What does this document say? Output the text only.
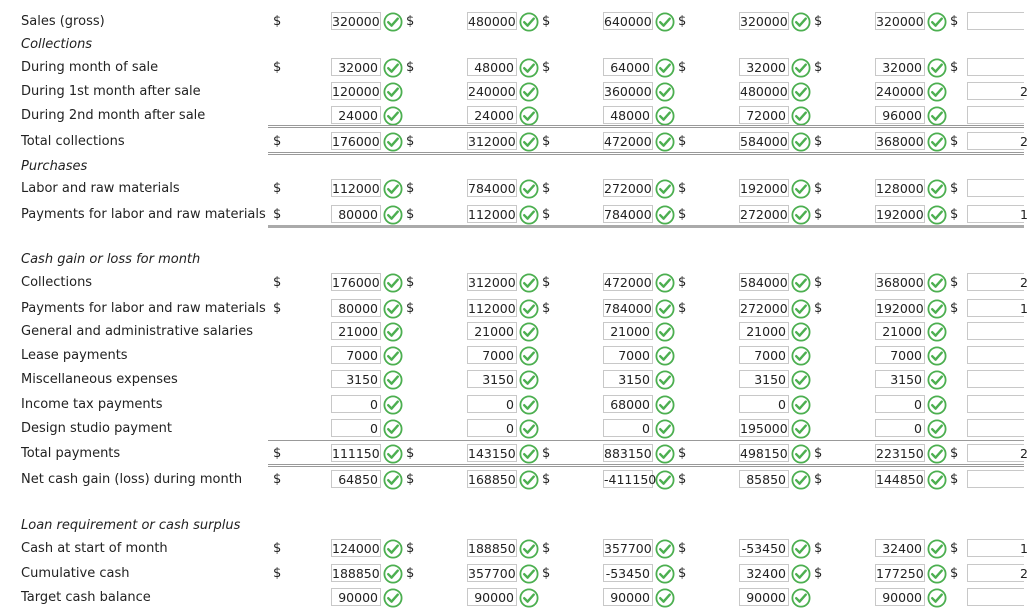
Sales (gross)	$	320000 $	480000 $	640000 $	320000 $	320000 $
Collections
During month of sale	$	32000 $	48000 $	64000 $	32000 $	32000 $
During 1st month after sale	120000	240000	360000	480000	240000	2
During 2nd month after sale	24000	24000	48000	72000	96000
Total collections	$	176000 $	312000 $	472000 $	584000 $	368000 $	2
Purchases
Labor and raw materials	$	112000 $	784000 $	272000 $	192000 $	128000 $
Payments for labor and raw materials $	80000 $	112000 $	784000 $	272000 $	192000 $	1
Cash gain or loss for month
Collections	$	176000 $	312000 $	472000 $	584000 $	368000 $	2
Payments for labor and raw materials $	80000 $	112000 $	784000 $	272000 $	192000 $	1
General and administrative salaries	21000	21000	21000	21000	21000
Lease payments	7000	7000	7000	7000	7000
Miscellaneous expenses	3150	3150	3150	3150	3150
Income tax payments	0	0	68000	0	0
Design studio payment	0	0	0	195000	0
Total payments	$	111150 $	143150 $	883150 $	498150 $	223150 $	2
Net cash gain (loss) during month $	64850 $	168850 $	-411150 $	85850 $	144850 $
Loan requirement or cash surplus
Cash at start of month	$	124000 $	188850 $	357700 $	-53450 $	32400 $	1
Cumulative cash	$	188850 $	357700 $	-53450 $	32400 $	177250 $	2
Target cash balance	90000	90000	90000	90000	90000
